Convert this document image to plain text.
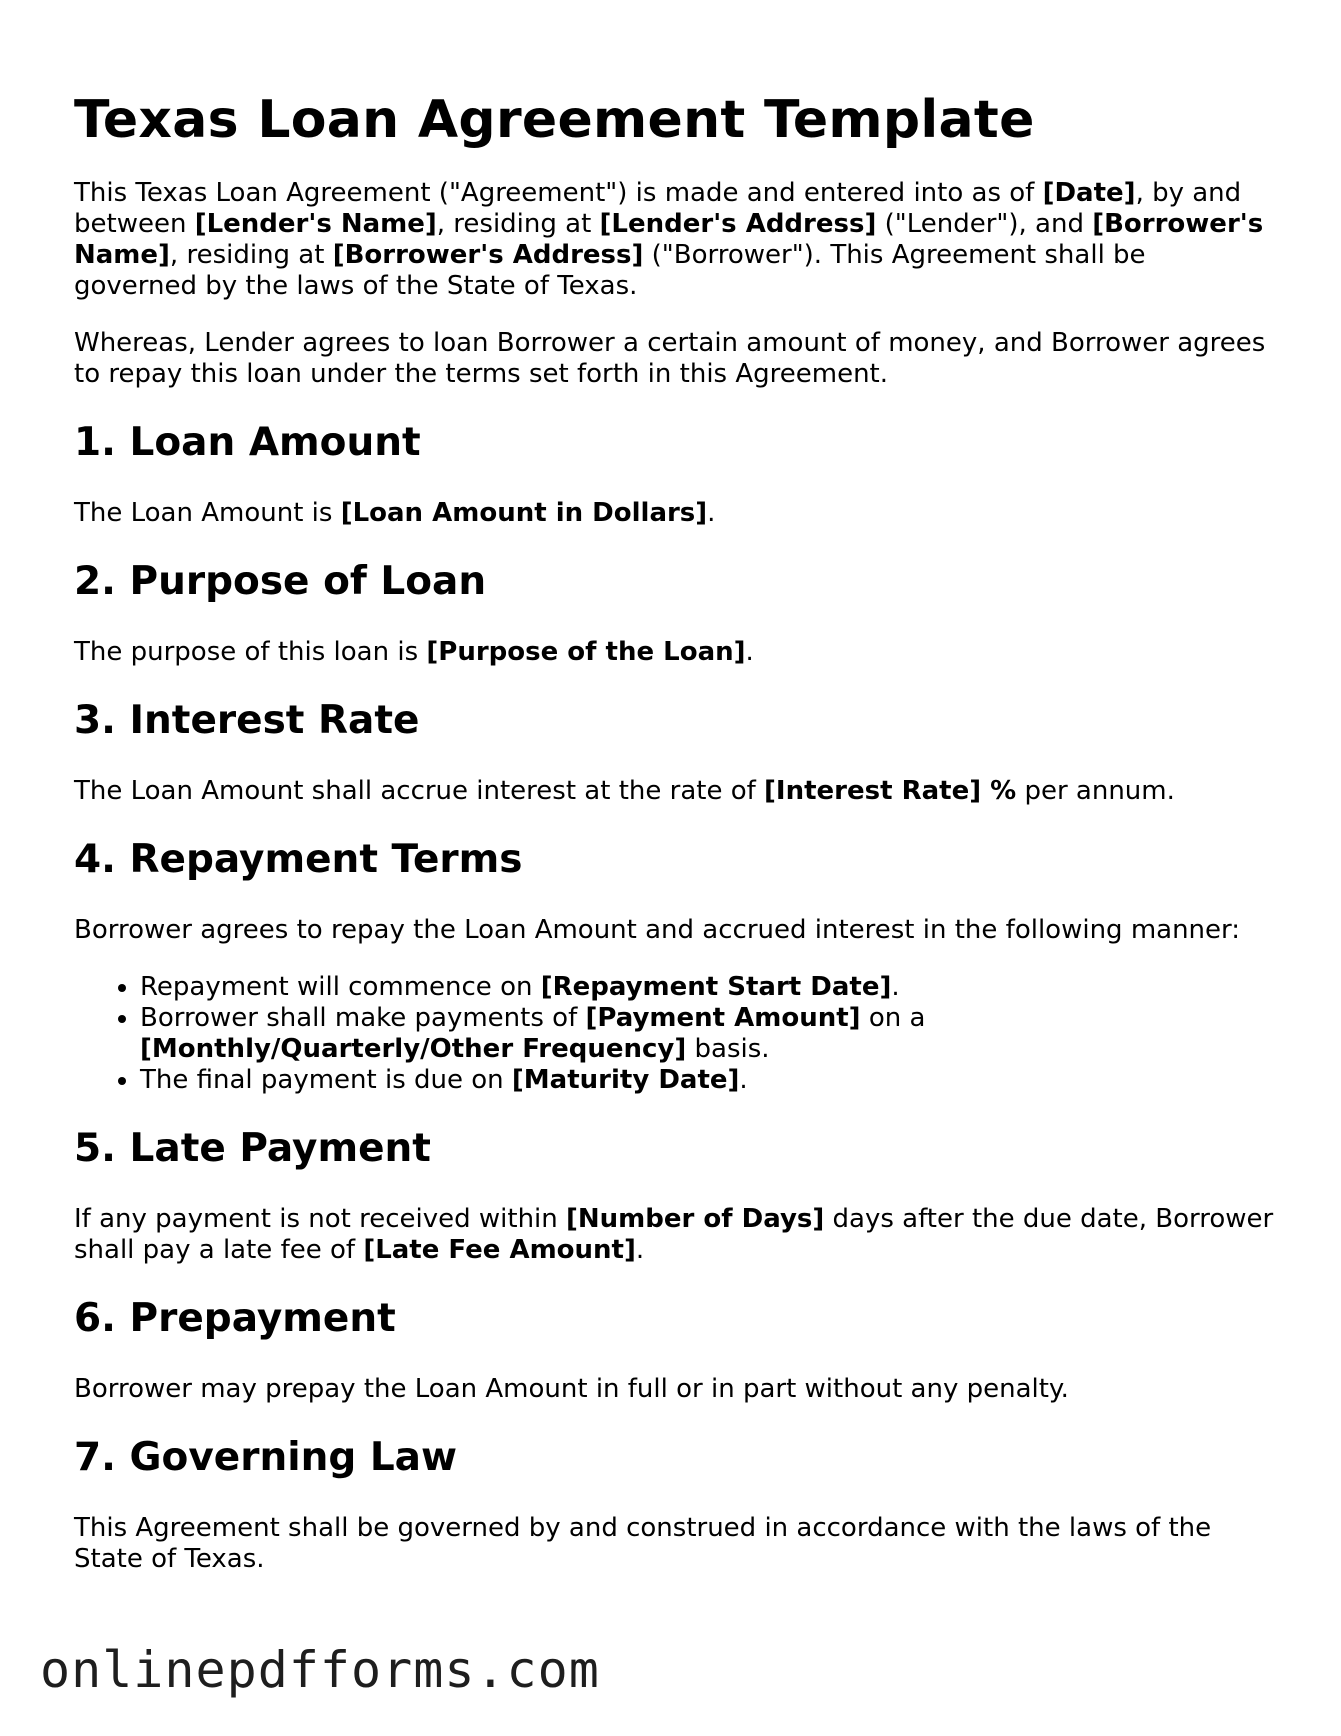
Texas Loan Agreement Template

This Texas Loan Agreement ("Agreement") is made and entered into as of [Date], by and between [Lender's Name], residing at [Lender's Address] ("Lender"), and [Borrower's Name], residing at [Borrower's Address] ("Borrower"). This Agreement shall be governed by the laws of the State of Texas.

Whereas, Lender agrees to loan Borrower a certain amount of money, and Borrower agrees to repay this loan under the terms set forth in this Agreement.

1. Loan Amount

The Loan Amount is [Loan Amount in Dollars].

2. Purpose of Loan

The purpose of this loan is [Purpose of the Loan].

3. Interest Rate

The Loan Amount shall accrue interest at the rate of [Interest Rate] % per annum.

4. Repayment Terms

Borrower agrees to repay the Loan Amount and accrued interest in the following manner:

• Repayment will commence on [Repayment Start Date].
• Borrower shall make payments of [Payment Amount] on a
[Monthly/Quarterly/Other Frequency] basis.
• The final payment is due on [Maturity Date].
5. Late Payment

If any payment is not received within [Number of Days] days after the due date, Borrower shall pay a late fee of [Late Fee Amount].

6. Prepayment

Borrower may prepay the Loan Amount in full or in part without any penalty.

7. Governing Law

This Agreement shall be governed by and construed in accordance with the laws of the State of Texas.

onlinepdfforms.com
